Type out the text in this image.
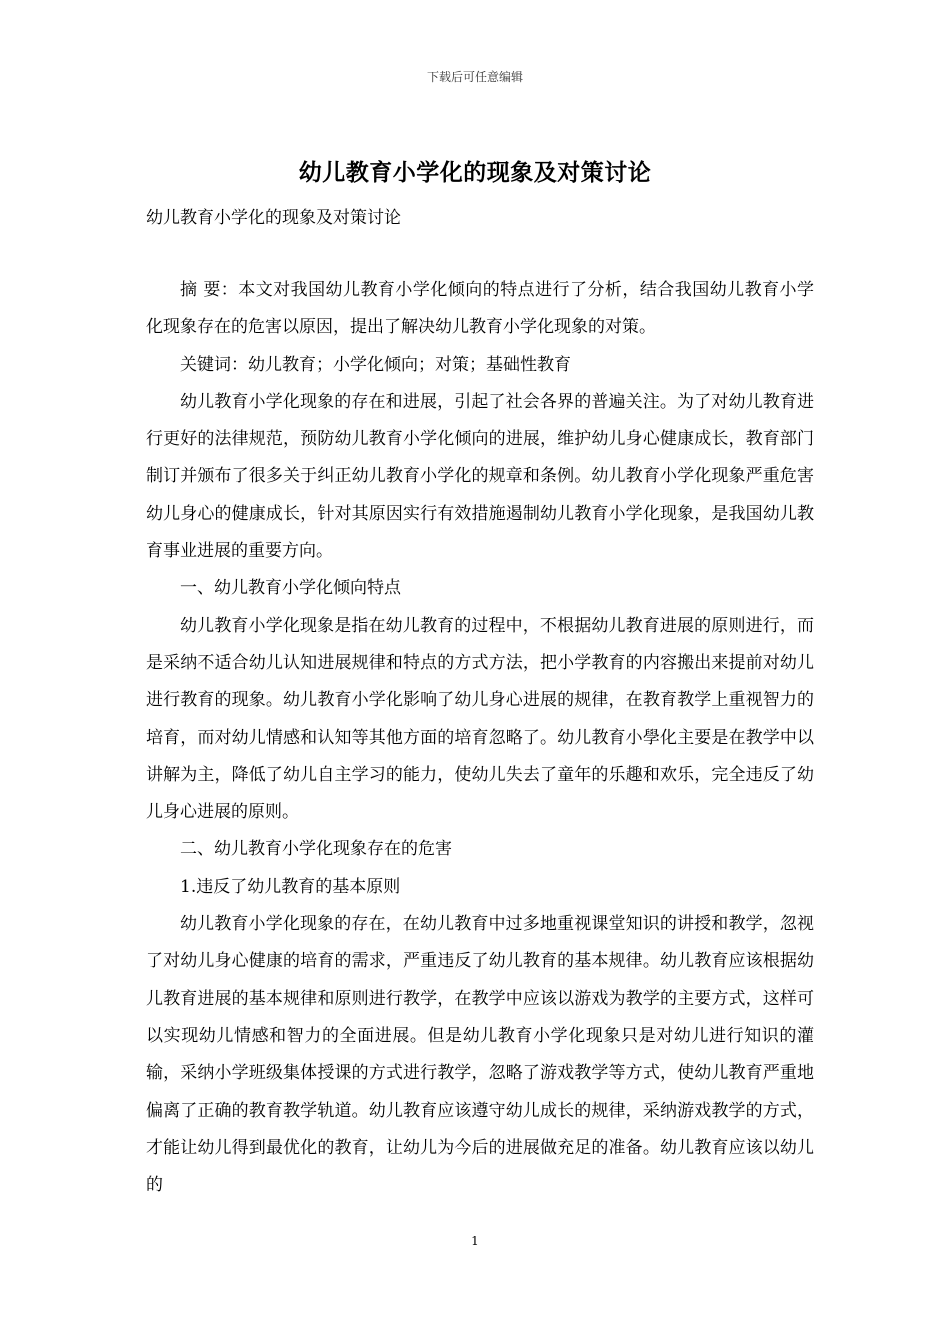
下载后可任意编辑
幼儿教育小学化的现象及对策讨论
幼儿教育小学化的现象及对策讨论

摘 要：本文对我国幼儿教育小学化倾向的特点进行了分析，结合我国幼儿教育小学化现象存在的危害以原因，提出了解决幼儿教育小学化现象的对策。

关键词：幼儿教育；小学化倾向；对策；基础性教育

幼儿教育小学化现象的存在和进展，引起了社会各界的普遍关注。为了对幼儿教育进行更好的法律规范，预防幼儿教育小学化倾向的进展，维护幼儿身心健康成长，教育部门制订并颁布了很多关于纠正幼儿教育小学化的规章和条例。幼儿教育小学化现象严重危害幼儿身心的健康成长，针对其原因实行有效措施遏制幼儿教育小学化现象，是我国幼儿教育事业进展的重要方向。

一、幼儿教育小学化倾向特点

幼儿教育小学化现象是指在幼儿教育的过程中，不根据幼儿教育进展的原则进行，而是采纳不适合幼儿认知进展规律和特点的方式方法，把小学教育的内容搬出来提前对幼儿进行教育的现象。幼儿教育小学化影响了幼儿身心进展的规律，在教育教学上重视智力的培育，而对幼儿情感和认知等其他方面的培育忽略了。幼儿教育小學化主要是在教学中以讲解为主，降低了幼儿自主学习的能力，使幼儿失去了童年的乐趣和欢乐，完全违反了幼儿身心进展的原则。

二、幼儿教育小学化现象存在的危害

1.违反了幼儿教育的基本原则

幼儿教育小学化现象的存在，在幼儿教育中过多地重视课堂知识的讲授和教学，忽视了对幼儿身心健康的培育的需求，严重违反了幼儿教育的基本规律。幼儿教育应该根据幼儿教育进展的基本规律和原则进行教学，在教学中应该以游戏为教学的主要方式，这样可以实现幼儿情感和智力的全面进展。但是幼儿教育小学化现象只是对幼儿进行知识的灌输，采纳小学班级集体授课的方式进行教学，忽略了游戏教学等方式，使幼儿教育严重地偏离了正确的教育教学轨道。幼儿教育应该遵守幼儿成长的规律，采纳游戏教学的方式，才能让幼儿得到最优化的教育，让幼儿为今后的进展做充足的准备。幼儿教育应该以幼儿的

1
